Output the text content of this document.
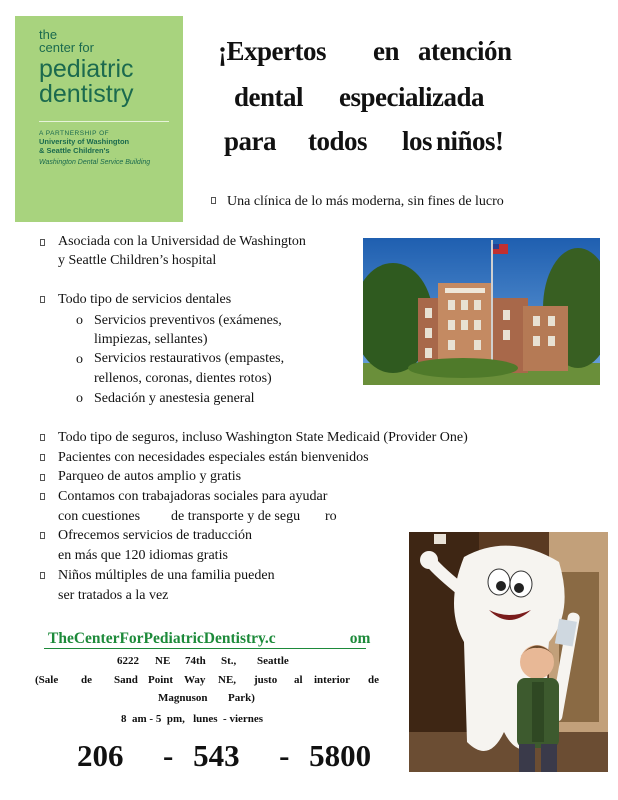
the
center for
pediatric
dentistry
A PARTNERSHIP OF
University of Washington
& Seattle Children's
Washington Dental Service Building
¡Expertos en atención
dental especializada
para todos los niños!
Una clínica de lo más moderna, sin fines de lucro
Asociada con la Universidad de Washington
y Seattle Children’s hospital
Todo tipo de servicios dentales
o Servicios preventivos (exámenes,
limpiezas, sellantes)
o Servicios restaurativos (empastes,
rellenos, coronas, dientes rotos)
o Sedación y anestesia general
Todo tipo de seguros, incluso Washington State Medicaid (Provider One)
Pacientes con necesidades especiales están bienvenidos
Parqueo de autos amplio y gratis
Contamos con trabajadoras sociales para ayudar
con cuestiones de transporte y de segu ro
Ofrecemos servicios de traducción
en más que 120 idiomas gratis
Niños múltiples de una familia pueden
ser tratados a la vez
TheCenterForPediatricDentistry.c	om
6222 NE 74th St., Seattle
(Sale de Sand Point Way NE, justo al interior de
Magnuson Park)
8  am - 5  pm,   lunes  - viernes
206  - 543  - 5800
